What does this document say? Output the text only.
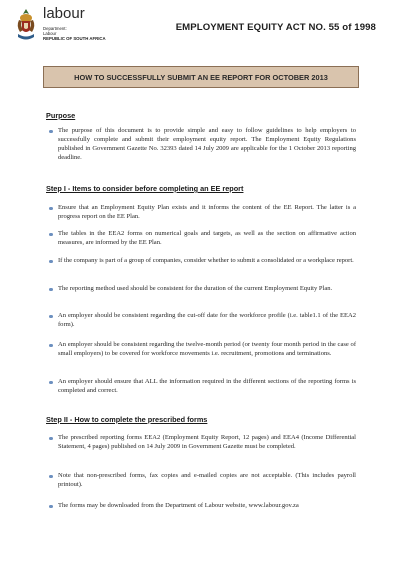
labour
Department:
Labour
REPUBLIC OF SOUTH AFRICA
EMPLOYMENT EQUITY ACT NO. 55 of 1998
HOW TO SUCCESSFULLY SUBMIT AN EE REPORT FOR OCTOBER 2013
Purpose
The purpose of this document is to provide simple and easy to follow guidelines to help employers to successfully complete and submit their employment equity report. The Employment Equity Regulations published in Government Gazette No. 32393 dated 14 July 2009 are applicable for the 1 October 2013 reporting deadline.
Step I - Items to consider before completing an EE report
Ensure that an Employment Equity Plan exists and it informs the content of the EE Report. The latter is a progress report on the EE Plan.
The tables in the EEA2 forms on numerical goals and targets, as well as the section on affirmative action measures, are informed by the EE Plan.
If the company is part of a group of companies, consider whether to submit a consolidated or a workplace report.
The reporting method used should be consistent for the duration of the current Employment Equity Plan.
An employer should be consistent regarding the cut-off date for the workforce profile (i.e. table1.1 of the EEA2 form).
An employer should be consistent regarding the twelve-month period (or twenty four month period in the case of small employers) to be covered for workforce movements i.e. recruitment, promotions and terminations.
An employer should ensure that ALL the information required in the different sections of the reporting forms is completed and correct.
Step II - How to complete the prescribed forms
The prescribed reporting forms EEA2 (Employment Equity Report, 12 pages) and EEA4 (Income Differential Statement, 4 pages) published on 14 July 2009 in Government Gazette must be completed.
Note that non-prescribed forms, fax copies and e-mailed copies are not acceptable. (This includes payroll printout).
The forms may be downloaded from the Department of Labour website, www.labour.gov.za
